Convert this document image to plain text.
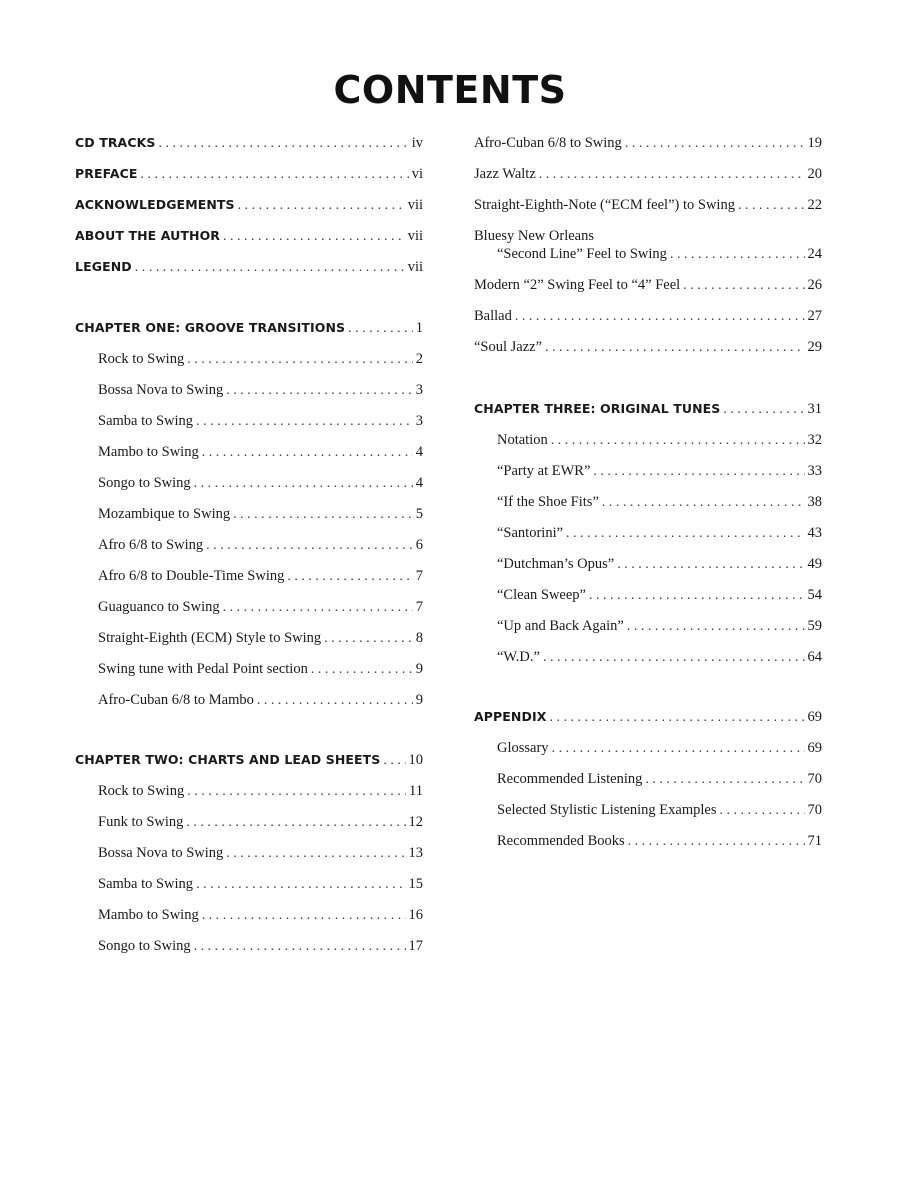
CONTENTS
CD TRACKS . . .	iv
PREFACE . . .	vi
ACKNOWLEDGEMENTS . . .	vii
ABOUT THE AUTHOR . . .	vii
LEGEND . . .	vii
CHAPTER ONE: GROOVE TRANSITIONS . . .	1
Rock to Swing . . .	2
Bossa Nova to Swing . . .	3
Samba to Swing . . .	3
Mambo to Swing . . .	4
Songo to Swing . . .	4
Mozambique to Swing . . .	5
Afro 6/8 to Swing . . .	6
Afro 6/8 to Double-Time Swing . . .	7
Guaguanco to Swing . . .	7
Straight-Eighth (ECM) Style to Swing . . .	8
Swing tune with Pedal Point section . . .	9
Afro-Cuban 6/8 to Mambo . . .	9
CHAPTER TWO: CHARTS AND LEAD SHEETS . . . 10
Rock to Swing . . .	11
Funk to Swing . . .	12
Bossa Nova to Swing . . .	13
Samba to Swing . . .	15
Mambo to Swing . . .	16
Songo to Swing . . .	17
Afro-Cuban 6/8 to Swing . . .	19
Jazz Waltz . . .	20
Straight-Eighth-Note (“ECM feel”) to Swing . . .	22
Bluesy New Orleans
“Second Line” Feel to Swing . . .	24
Modern “2” Swing Feel to “4” Feel . . .	26
Ballad . . .	27
“Soul Jazz” . . .	29
CHAPTER THREE: ORIGINAL TUNES . . .	31
Notation . . .	32
“Party at EWR” . . .	33
“If the Shoe Fits” . . .	38
“Santorini” . . .	43
“Dutchman’s Opus” . . .	49
“Clean Sweep” . . .	54
“Up and Back Again” . . .	59
“W.D.” . . .	64
APPENDIX . . .	69
Glossary . . .	69
Recommended Listening . . .	70
Selected Stylistic Listening Examples . . .	70
Recommended Books . . .	71
